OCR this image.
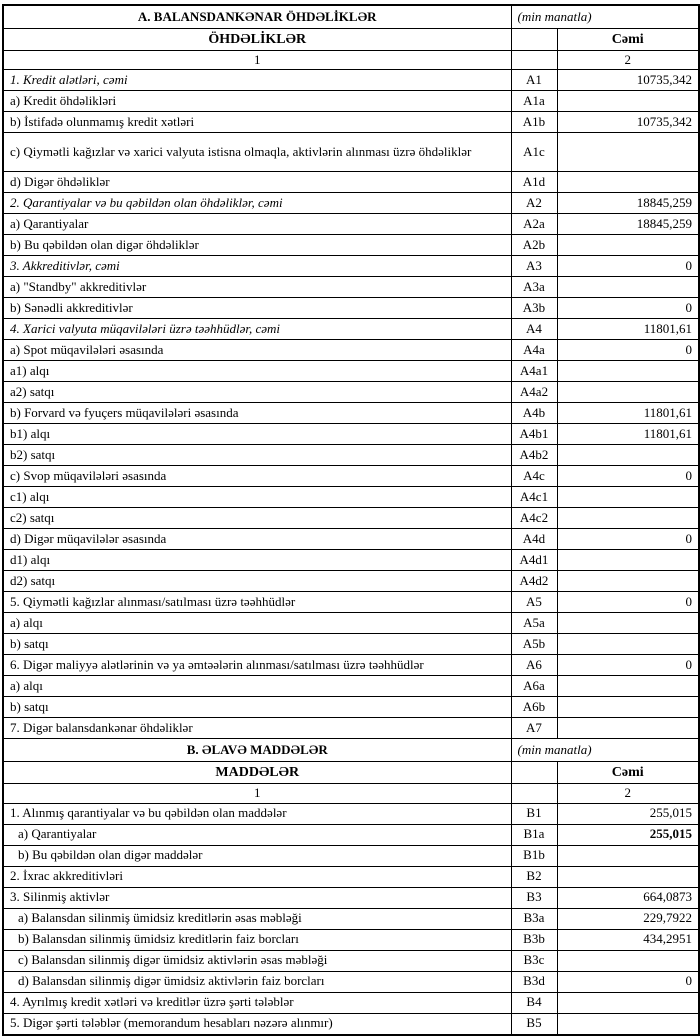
A. BALANSDANKƏNAR ÖHDƏLİKLƏR	(min manatla)	
ÖHDƏLİKLƏR		Cəmi
1		2
1. Kredit alətləri, cəmi	A1	10735,342
a) Kredit öhdəlikləri	A1a	
b) İstifadə olunmamış kredit xətləri	A1b	10735,342
c) Qiymətli kağızlar və xarici valyuta istisna olmaqla, aktivlərin alınması üzrə öhdəliklər	A1c	
d) Digər öhdəliklər	A1d	
2. Qarantiyalar və bu qəbildən olan öhdəliklər, cəmi	A2	18845,259
a) Qarantiyalar	A2a	18845,259
b) Bu qəbildən olan digər öhdəliklər	A2b	
3. Akkreditivlər, cəmi	A3	0
a) "Standby" akkreditivlər	A3a	
b) Sənədli akkreditivlər	A3b	0
4. Xarici valyuta müqavilələri üzrə təəhhüdlər, cəmi	A4	11801,61
a) Spot müqavilələri əsasında	A4a	0
a1) alqı	A4a1	
a2) satqı	A4a2	
b) Forvard və fyuçers müqavilələri əsasında	A4b	11801,61
b1) alqı	A4b1	11801,61
b2) satqı	A4b2	
c) Svop müqavilələri əsasında	A4c	0
c1) alqı	A4c1	
c2) satqı	A4c2	
d) Digər müqavilələr əsasında	A4d	0
d1) alqı	A4d1	
d2) satqı	A4d2	
5. Qiymətli kağızlar alınması/satılması üzrə təəhhüdlər	A5	0
a) alqı	A5a	
b) satqı	A5b	
6. Digər maliyyə alətlərinin və ya əmtəələrin alınması/satılması üzrə təəhhüdlər	A6	0
a) alqı	A6a	
b) satqı	A6b	
7. Digər balansdankənar öhdəliklər	A7	
B. ƏLAVƏ MADDƏLƏR	(min manatla)	
MADDƏLƏR		Cəmi
1		2
1. Alınmış qarantiyalar və bu qəbildən olan maddələr	B1	255,015
a) Qarantiyalar	B1a	255,015
b) Bu qəbildən olan digər maddələr	B1b	
2. İxrac akkreditivləri	B2	
3. Silinmiş aktivlər	B3	664,0873
a) Balansdan silinmiş ümidsiz kreditlərin əsas məbləği	B3a	229,7922
b) Balansdan silinmiş ümidsiz kreditlərin faiz borcları	B3b	434,2951
c) Balansdan silinmiş digər ümidsiz aktivlərin əsas məbləği	B3c	
d) Balansdan silinmiş digər ümidsiz aktivlərin faiz borcları	B3d	0
4. Ayrılmış kredit xətləri və kreditlər üzrə şərti tələblər	B4	
5. Digər şərti tələblər (memorandum hesabları nəzərə alınmır)	B5	
